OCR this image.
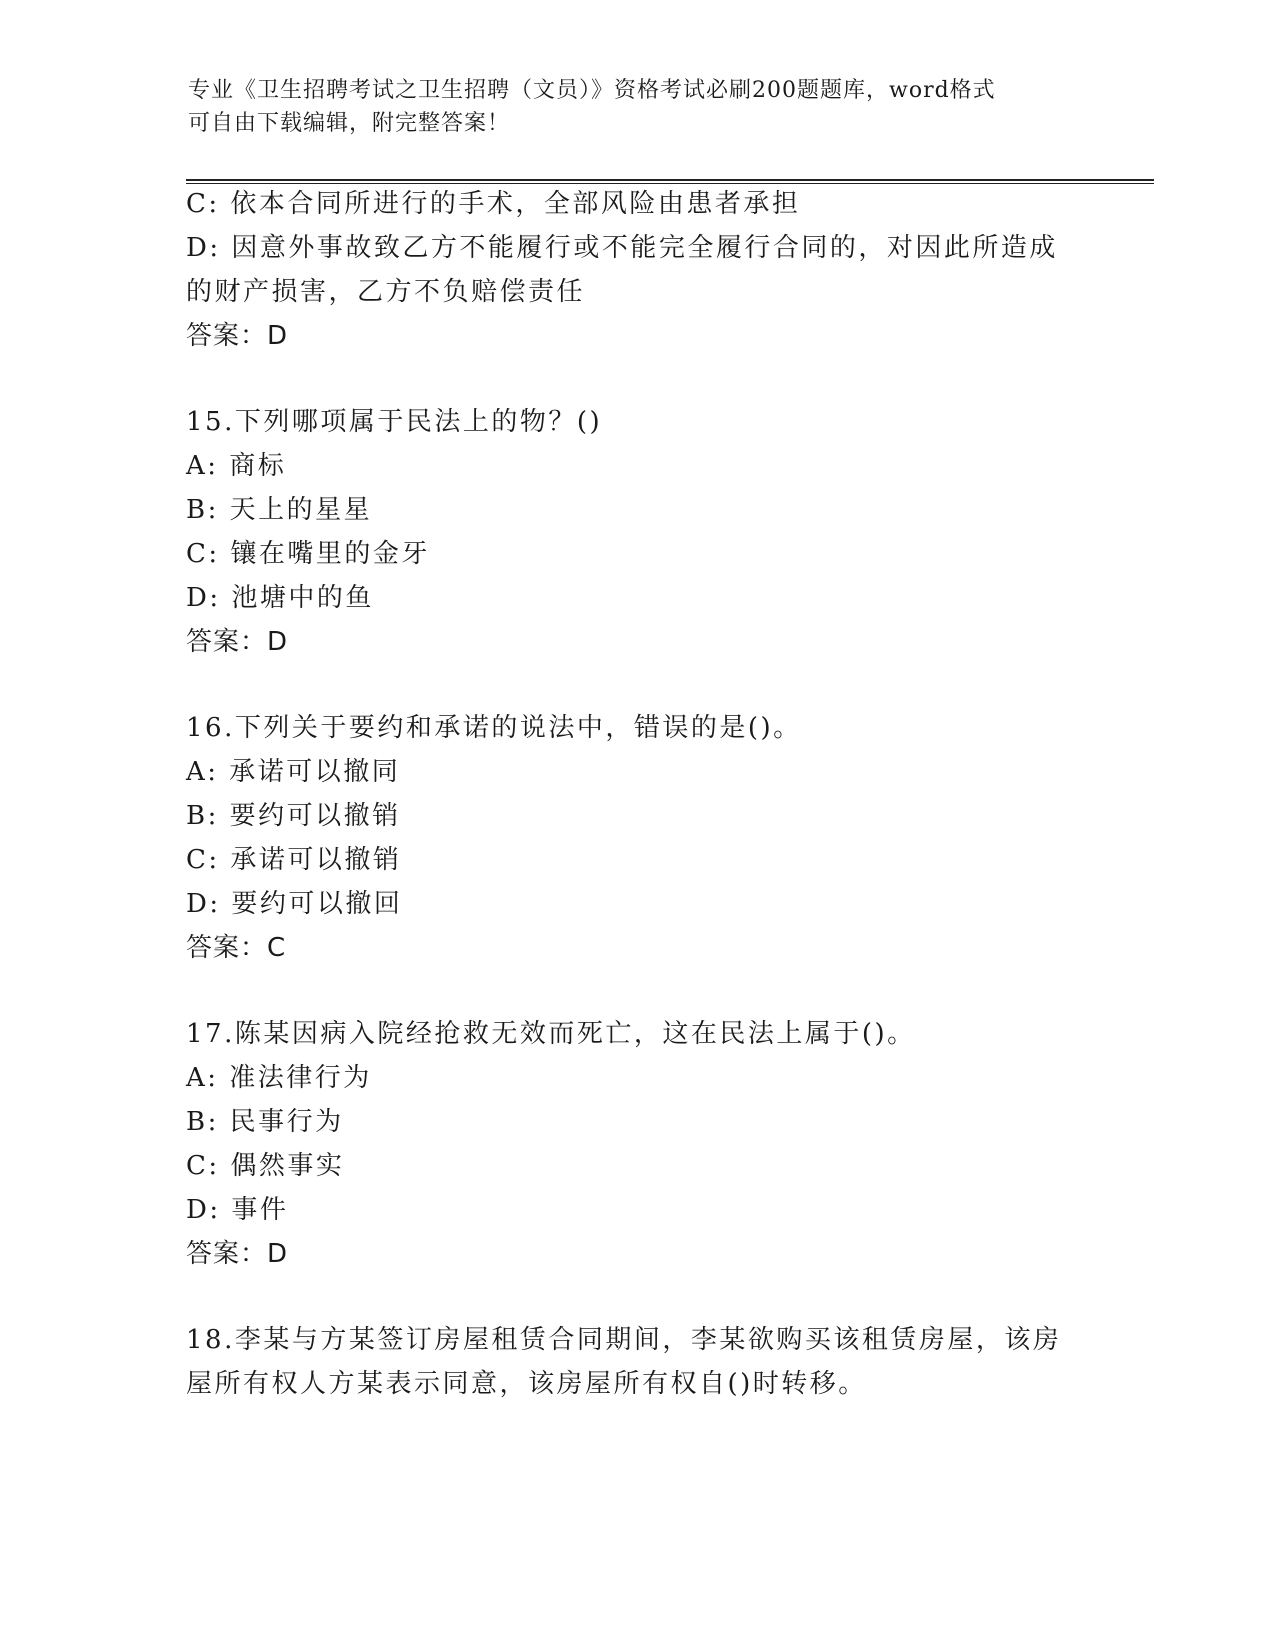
专业《卫生招聘考试之卫生招聘（文员）》资格考试必刷200题题库，word格式
可自由下载编辑，附完整答案！
C: 依本合同所进行的手术，全部风险由患者承担
D: 因意外事故致乙方不能履行或不能完全履行合同的，对因此所造成
的财产损害，乙方不负赔偿责任
答案：D
15.下列哪项属于民法上的物？()
A: 商标
B: 天上的星星
C: 镶在嘴里的金牙
D: 池塘中的鱼
答案：D
16.下列关于要约和承诺的说法中，错误的是()。
A: 承诺可以撤同
B: 要约可以撤销
C: 承诺可以撤销
D: 要约可以撤回
答案：C
17.陈某因病入院经抢救无效而死亡，这在民法上属于()。
A: 准法律行为
B: 民事行为
C: 偶然事实
D: 事件
答案：D
18.李某与方某签订房屋租赁合同期间，李某欲购买该租赁房屋，该房
屋所有权人方某表示同意，该房屋所有权自()时转移。
